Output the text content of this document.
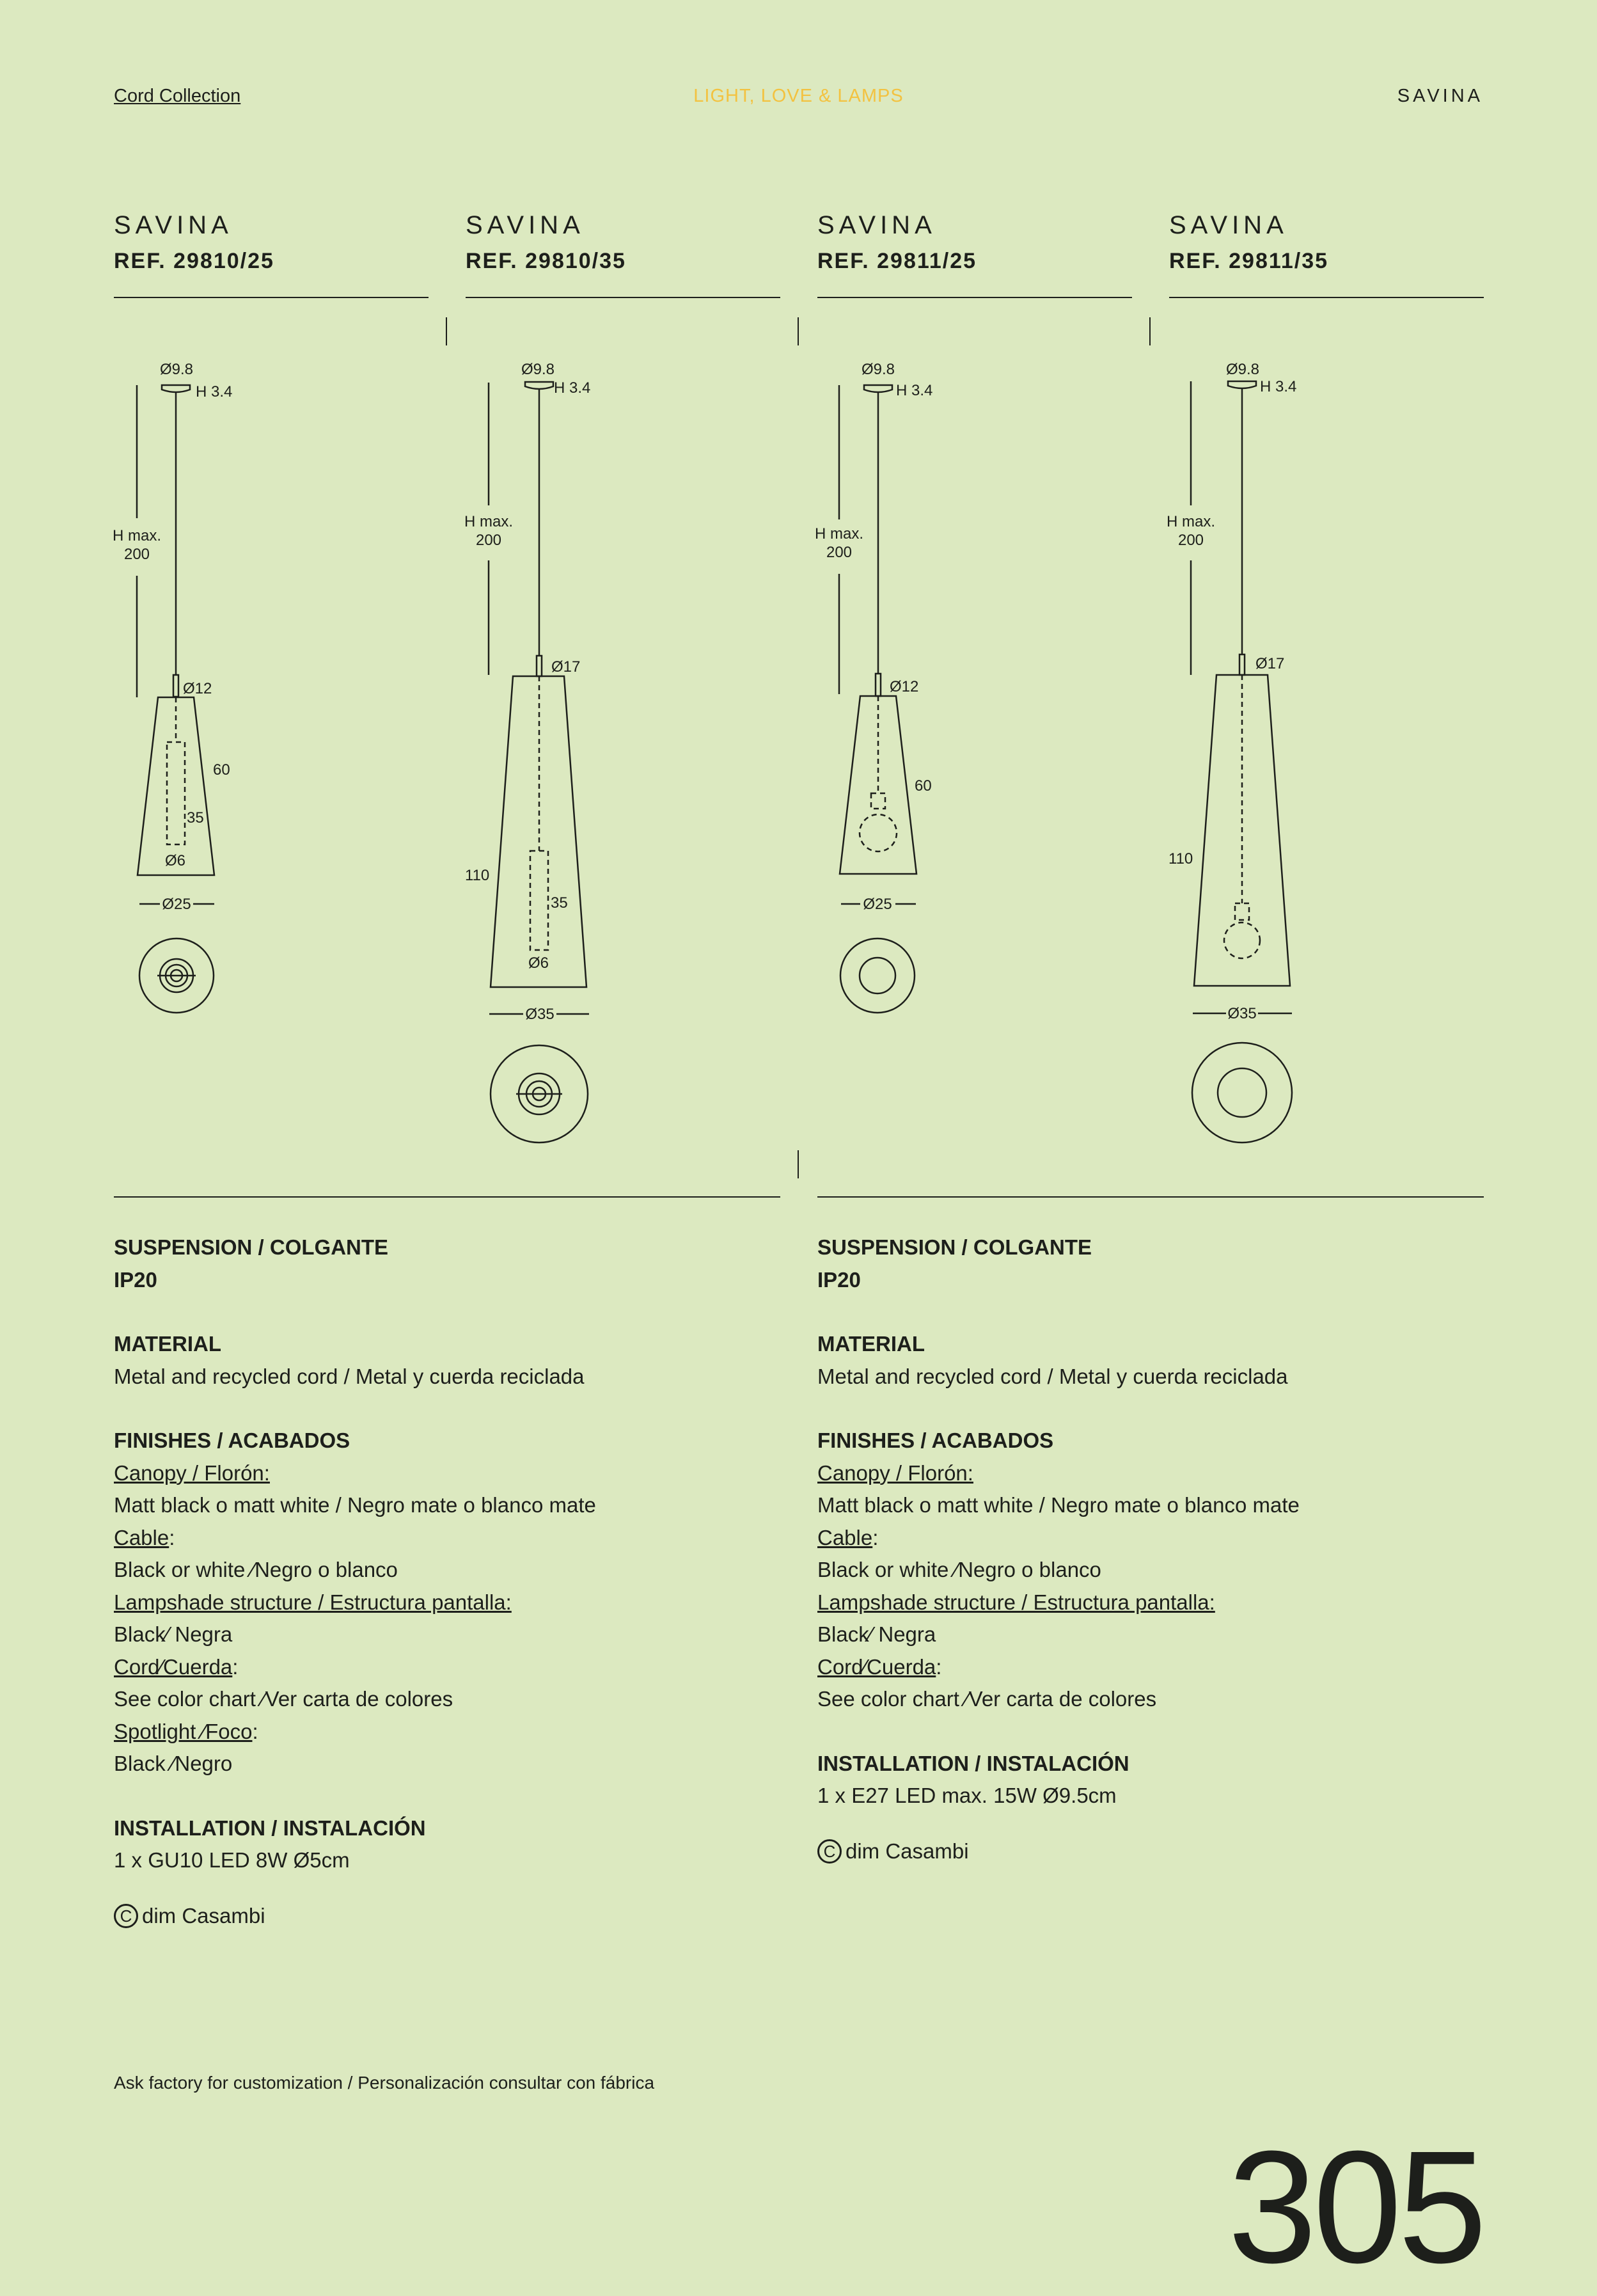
Cord Collection	LIGHT, LOVE & LAMPS	SAVINA
SAVINA
REF. 29810/25
SAVINA
REF. 29810/35
SAVINA
REF. 29811/25
SAVINA
REF. 29811/35
Ø9.8
H 3.4
H max.
200
Ø12
60
35
Ø6
Ø25
Ø9.8
H 3.4
H max.
200
Ø17
110
35
Ø6
Ø35
Ø9.8
H 3.4
H max.
200
Ø12
60
Ø25
Ø9.8
H 3.4
H max.
200
Ø17
110
Ø35
SUSPENSION / COLGANTE
IP20
MATERIAL
Metal and recycled cord / Metal y cuerda reciclada
FINISHES / ACABADOS
Canopy / Florón:
Matt black o matt white / Negro mate o blanco mate
Cable:
Black or white ⁄Negro o blanco
Lampshade structure / Estructura pantalla:
Black⁄ Negra
Cord⁄Cuerda:
See color chart ⁄Ver carta de colores
Spotlight ⁄Foco:
Black ⁄Negro
INSTALLATION / INSTALACIÓN
1 x GU10 LED 8W Ø5cm
C dim Casambi
SUSPENSION / COLGANTE
IP20
MATERIAL
Metal and recycled cord / Metal y cuerda reciclada
FINISHES / ACABADOS
Canopy / Florón:
Matt black o matt white / Negro mate o blanco mate
Cable:
Black or white ⁄Negro o blanco
Lampshade structure / Estructura pantalla:
Black⁄ Negra
Cord⁄Cuerda:
See color chart ⁄Ver carta de colores
INSTALLATION / INSTALACIÓN
1 x E27 LED max. 15W Ø9.5cm
C dim Casambi
Ask factory for customization / Personalización consultar con fábrica
305
